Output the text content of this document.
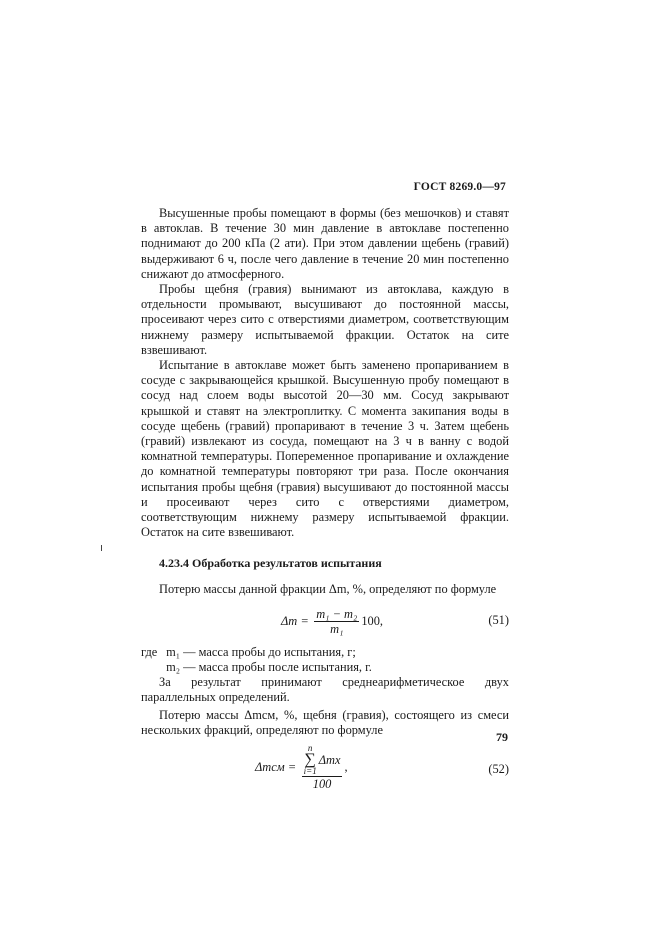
ГОСТ 8269.0—97

Высушенные пробы помещают в формы (без мешочков) и ставят в автоклав. В течение 30 мин давление в автоклаве постепенно поднимают до 200 кПа (2 ати). При этом давлении щебень (гравий) выдерживают 6 ч, после чего давление в течение 20 мин постепенно снижают до атмосферного.

Пробы щебня (гравия) вынимают из автоклава, каждую в отдельности промывают, высушивают до постоянной массы, просеивают через сито с отверстиями диаметром, соответствующим нижнему размеру испытываемой фракции. Остаток на сите взвешивают.

Испытание в автоклаве может быть заменено пропариванием в сосуде с закрывающейся крышкой. Высушенную пробу помещают в сосуд над слоем воды высотой 20—30 мм. Сосуд закрывают крышкой и ставят на электроплитку. С момента закипания воды в сосуде щебень (гравий) пропаривают в течение 3 ч. Затем щебень (гравий) извлекают из сосуда, помещают на 3 ч в ванну с водой комнатной температуры. Попеременное пропаривание и охлаждение до комнатной температуры повторяют три раза. После окончания испытания пробы щебня (гравия) высушивают до постоянной массы и просеивают через сито с отверстиями диаметром, соответствующим нижнему размеру испытываемой фракции. Остаток на сите взвешивают.

4.23.4 Обработка результатов испытания

Потерю массы данной фракции Δm, %, определяют по формуле

$\Delta m = \frac{\text{m₁ − m₂}}{\text{m₁}} 100$,	(51)

где m₁ — масса пробы до испытания, г;

m₂ — масса пробы после испытания, г.

За результат принимают среднеарифметическое двух параллельных определений.

Потерю массы Δmсм, %, щебня (гравия), состоящего из смеси нескольких фракций, определяют по формуле

Δmсм = n
∑
i=1
Δmx
100 ,	(52)
79
